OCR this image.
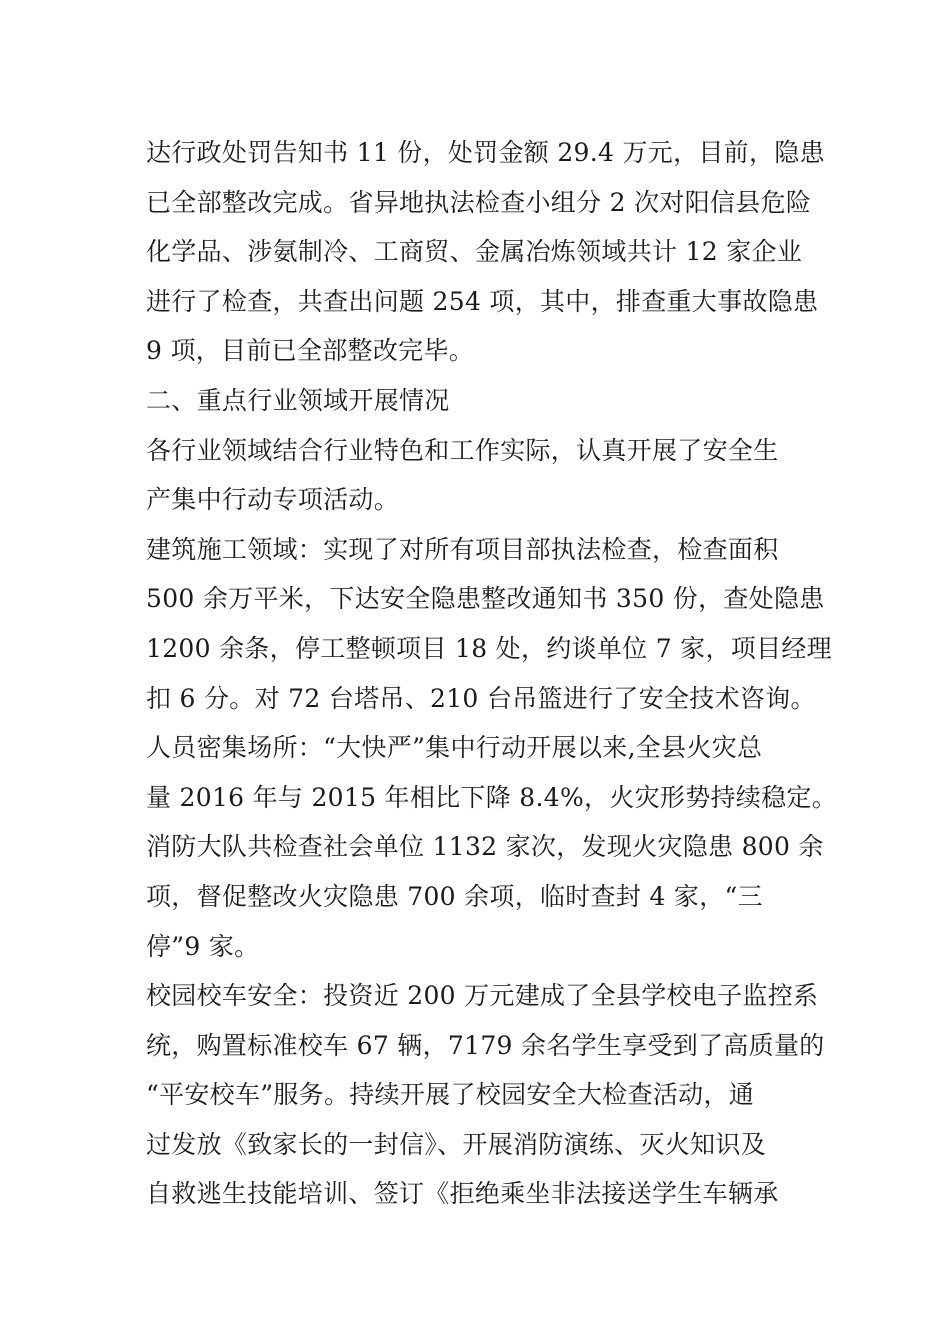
达行政处罚告知书 11 份，处罚金额 29.4 万元，目前，隐患
已全部整改完成。省异地执法检查小组分 2 次对阳信县危险
化学品、涉氨制冷、工商贸、金属冶炼领域共计 12 家企业
进行了检查，共查出问题 254 项，其中，排查重大事故隐患
9 项，目前已全部整改完毕。
二、重点行业领域开展情况
各行业领域结合行业特色和工作实际，认真开展了安全生
产集中行动专项活动。
建筑施工领域：实现了对所有项目部执法检查，检查面积
500 余万平米，下达安全隐患整改通知书 350 份，查处隐患
1200 余条，停工整顿项目 18 处，约谈单位 7 家，项目经理
扣 6 分。对 72 台塔吊、210 台吊篮进行了安全技术咨询。
人员密集场所：“大快严”集中行动开展以来,全县火灾总
量 2016 年与 2015 年相比下降 8.4%，火灾形势持续稳定。
消防大队共检查社会单位 1132 家次，发现火灾隐患 800 余
项，督促整改火灾隐患 700 余项，临时查封 4 家，“三
停”9 家。
校园校车安全：投资近 200 万元建成了全县学校电子监控系
统，购置标准校车 67 辆，7179 余名学生享受到了高质量的
“平安校车”服务。持续开展了校园安全大检查活动，通
过发放《致家长的一封信》、开展消防演练、灭火知识及
自救逃生技能培训、签订《拒绝乘坐非法接送学生车辆承
